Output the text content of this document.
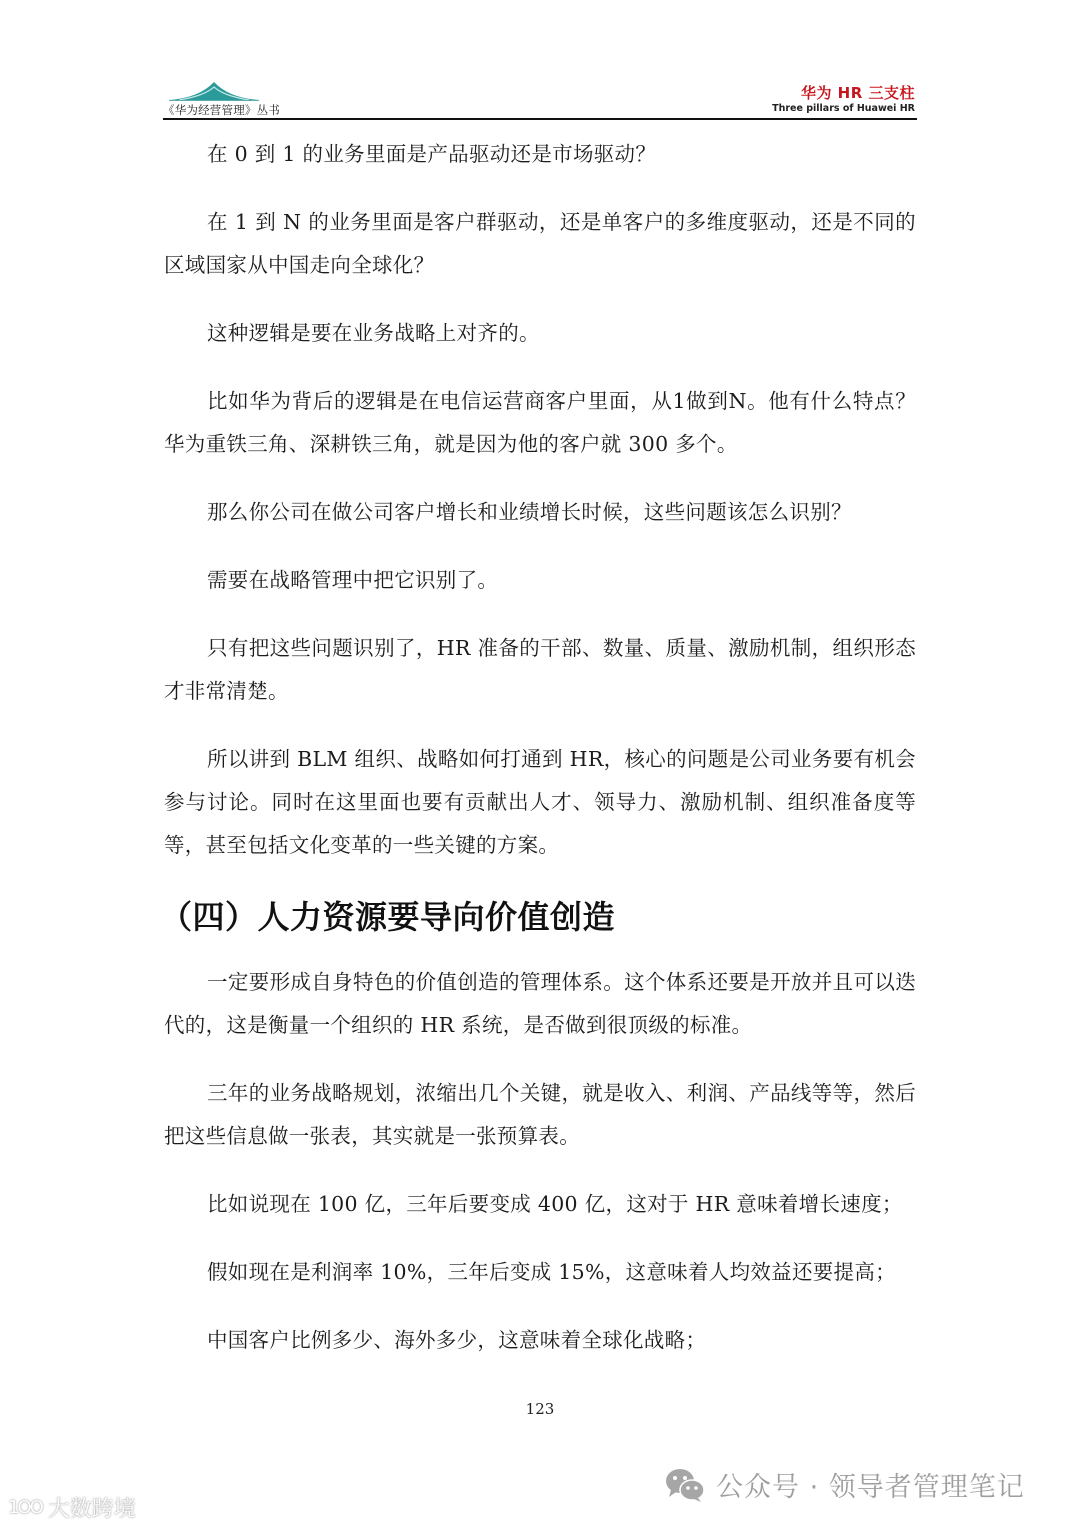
《华为经营管理》丛书
华为 HR 三支柱
Three pillars of Huawei HR

在 0 到 1 的业务里面是产品驱动还是市场驱动？

在 1 到 N 的业务里面是客户群驱动，还是单客户的多维度驱动，还是不同的区域国家从中国走向全球化？

这种逻辑是要在业务战略上对齐的。

比如华为背后的逻辑是在电信运营商客户里面，从1做到N。他有什么特点？华为重铁三角、深耕铁三角，就是因为他的客户就 300 多个。

那么你公司在做公司客户增长和业绩增长时候，这些问题该怎么识别？

需要在战略管理中把它识别了。

只有把这些问题识别了，HR 准备的干部、数量、质量、激励机制，组织形态才非常清楚。

所以讲到 BLM 组织、战略如何打通到 HR，核心的问题是公司业务要有机会参与讨论。同时在这里面也要有贡献出人才、领导力、激励机制、组织准备度等等，甚至包括文化变革的一些关键的方案。

（四）人力资源要导向价值创造

一定要形成自身特色的价值创造的管理体系。这个体系还要是开放并且可以迭代的，这是衡量一个组织的 HR 系统，是否做到很顶级的标准。

三年的业务战略规划，浓缩出几个关键，就是收入、利润、产品线等等，然后把这些信息做一张表，其实就是一张预算表。

比如说现在 100 亿，三年后要变成 400 亿，这对于 HR 意味着增长速度；

假如现在是利润率 10%，三年后变成 15%，这意味着人均效益还要提高；

中国客户比例多少、海外多少，这意味着全球化战略；

123
1OO 大数跨境
公众号 · 领导者管理笔记
